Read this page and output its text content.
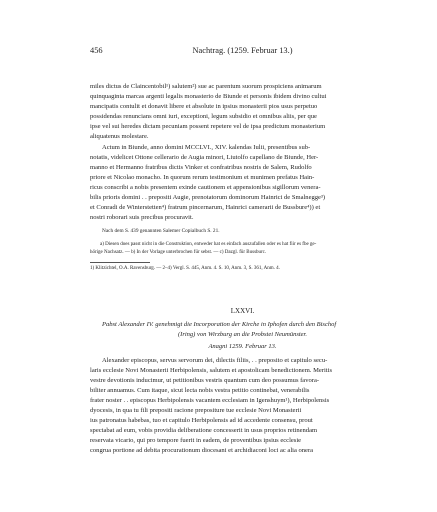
456	Nachtrag. (1259. Februar 13.)

miles dictus de Claincentobil¹) salutem²) sue ac parentum suorum prospiciens animarum

quinquaginta marcas argenti legalis monasterio de Biunde et personis ibidem divino cultui

mancipatis contulit et donavit libere et absolute in ipsius monasterii pios usus perpetuo

possidendas renuncians omni iuri, exceptioni, legum subsidio et omnibus aliis, per que

ipse vel sui heredes dictam pecuniam possent repetere vel de ipsa predictum monasterium

aliquatenus molestare.

Actum in Biunde, anno domini MCCLVI., XIV. kalendas Iulii, presentibus sub-

notatis, videlicet Ottone cellerario de Augia minori, Liutolfo capellano de Biunde, Her-

manno et Hermanno fratribus dictis Vinker et confratribus nostris de Salem, Rudolfo

priore et Nicolao monacho. In quorum rerum testimonium et munimen prefatus Hain-

ricus conscribi a nobis presentem exinde cautionem et appensionibus sigillorum venera-

bilis prioris domini . . prepositi Augie, prenotatorum dominorum Hainrici de Smalnegge³)

et Conradi de Winterstetten⁴) fratrum pincernarum, Hainrici camerarii de Bussbure⁴)) et

nostri roborari suis precibus procuravit.

Nach dem S. 439 genannten Salemer Copialbuch S. 21.

a) Diesen does passt nicht in die Construktion, entweder hat es einfach auszufallen oder es hat fiir es fbe ge-

hörige Nachsatz. — b) In der Vorlage unterbrochen für sebst. — c) Dazgl. für Bussburc.

1) Klitzichtel, O.A. Ravensburg. — 2–4) Vergl. S. 445, Anm. 4. S. 10, Anm. 3, S. 361, Anm. 4.

LXXVI.

Pabst Alexander IV. genehmigt die Incorporation der Kirche in Iphofen durch den Bischof

(Iring) von Wirzburg an die Probstei Neumünster.

Anagni 1259. Februar 13.

Alexander episcopus, servus servorum dei, dilectis filiis, . . preposito et capitulo secu-

laris ecclesie Novi Monasterii Herbipolensis, salutem et apostolicam benedictionem. Meritis

vestre devotionis inducimur, ut petitionibus vestris quantum cum deo possumus favora-

biliter annuamus. Cum itaque, sicut lecta nobis vestra petitio continebat, venerabilis

frater noster . . episcopus Herbipolensis vacantem ecclesiam in Igenshuym¹), Herbipolensis

dyocesis, in qua tu fili prepositi racione prepositure tue ecclesie Novi Monasterii

ius patronatus habebas, tuo et capitulo Herbipolensis ad id accedente consensu, prout

spectabat ad eum, vobis providia deliberatione concesserit in usus proprios retinendam

reservata vicario, qui pro tempore fuerit in eadem, de proventibus ipsius ecclesie

congrua portione ad debita procurationum diocesani et archidiaconi loci ac alia onera
